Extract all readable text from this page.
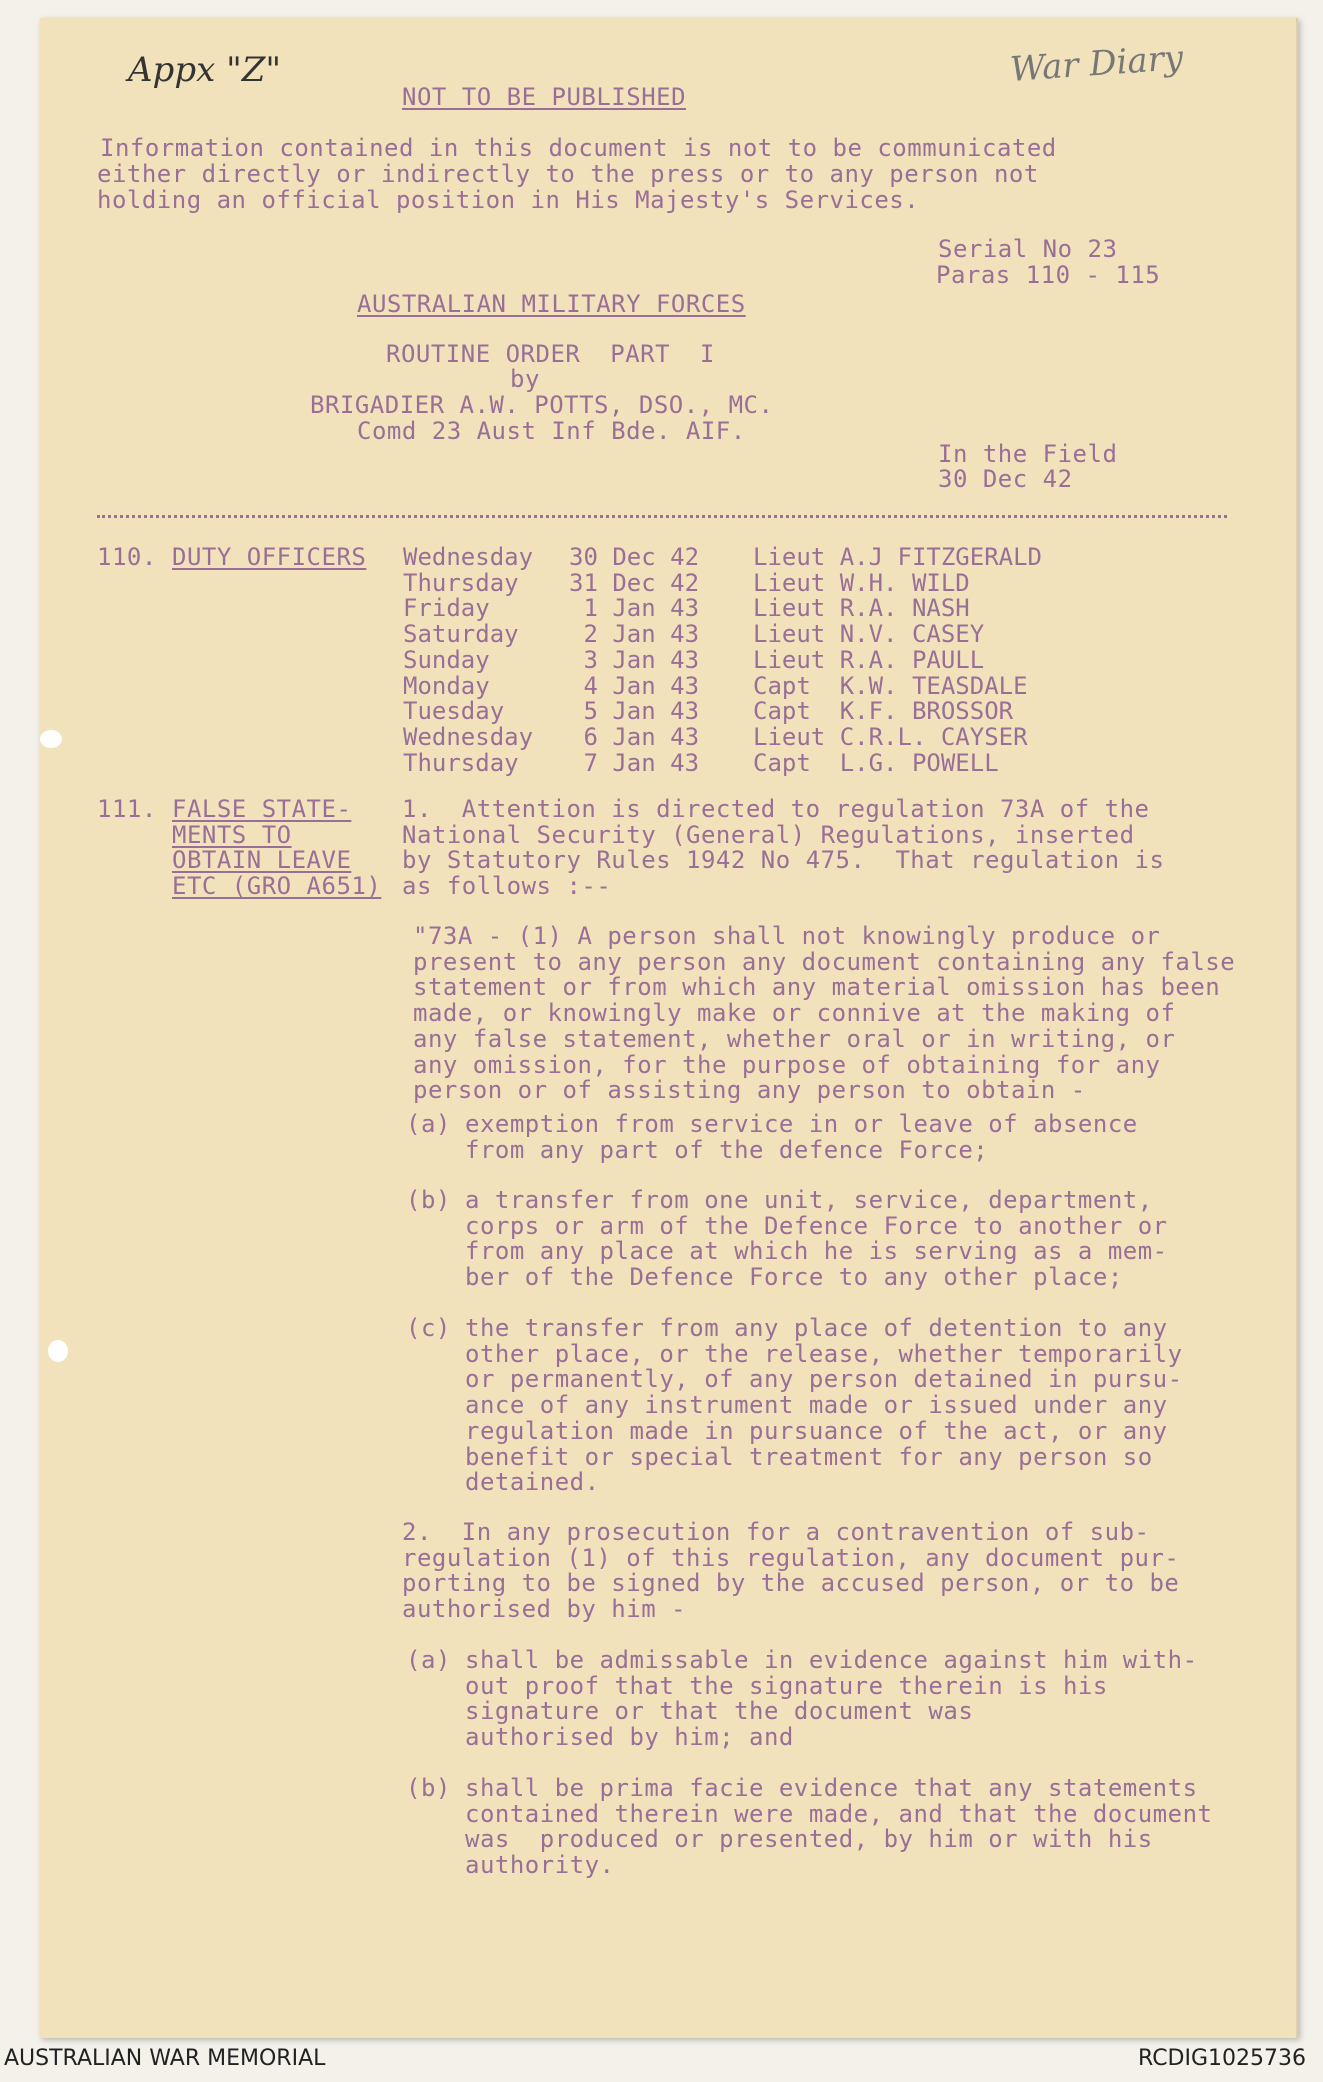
Appx "Z"	War Diary
NOT TO BE PUBLISHED
Information contained in this document is not to be communicated
either directly or indirectly to the press or to any person not
holding an official position in His Majesty's Services.
Serial No 23
Paras 110 - 115
AUSTRALIAN MILITARY FORCES
ROUTINE ORDER  PART  I
by
BRIGADIER A.W. POTTS, DSO., MC.
Comd 23 Aust Inf Bde. AIF.
In the Field
30 Dec 42
110. DUTY OFFICERS Wednesday 30 Dec 42 Lieut A.J FITZGERALD
Thursday 31 Dec 42 Lieut W.H. WILD
Friday	1 Jan 43 Lieut R.A. NASH
Saturday 2 Jan 43 Lieut N.V. CASEY
Sunday	3 Jan 43 Lieut R.A. PAULL
Monday	4 Jan 43 Capt  K.W. TEASDALE
Tuesday	5 Jan 43 Capt  K.F. BROSSOR
Wednesday 6 Jan 43 Lieut C.R.L. CAYSER
Thursday 7 Jan 43 Capt  L.G. POWELL
111. FALSE STATE-
MENTS TO
OBTAIN LEAVE
ETC (GRO A651)
1.  Attention is directed to regulation 73A of the
National Security (General) Regulations, inserted
by Statutory Rules 1942 No 475.  That regulation is
as follows :--
"73A - (1) A person shall not knowingly produce or
present to any person any document containing any false
statement or from which any material omission has been
made, or knowingly make or connive at the making of
any false statement, whether oral or in writing, or
any omission, for the purpose of obtaining for any
person or of assisting any person to obtain -
(a) exemption from service in or leave of absence
from any part of the defence Force;
(b) a transfer from one unit, service, department,
corps or arm of the Defence Force to another or
from any place at which he is serving as a mem-
ber of the Defence Force to any other place;
(c) the transfer from any place of detention to any
other place, or the release, whether temporarily
or permanently, of any person detained in pursu-
ance of any instrument made or issued under any
regulation made in pursuance of the act, or any
benefit or special treatment for any person so
detained.
2.  In any prosecution for a contravention of sub-
regulation (1) of this regulation, any document pur-
porting to be signed by the accused person, or to be
authorised by him -
(a) shall be admissable in evidence against him with-
out proof that the signature therein is his
signature or that the document was
authorised by him; and
(b) shall be prima facie evidence that any statements
contained therein were made, and that the document
was  produced or presented, by him or with his
authority.
AUSTRALIAN WAR MEMORIAL	RCDIG1025736
